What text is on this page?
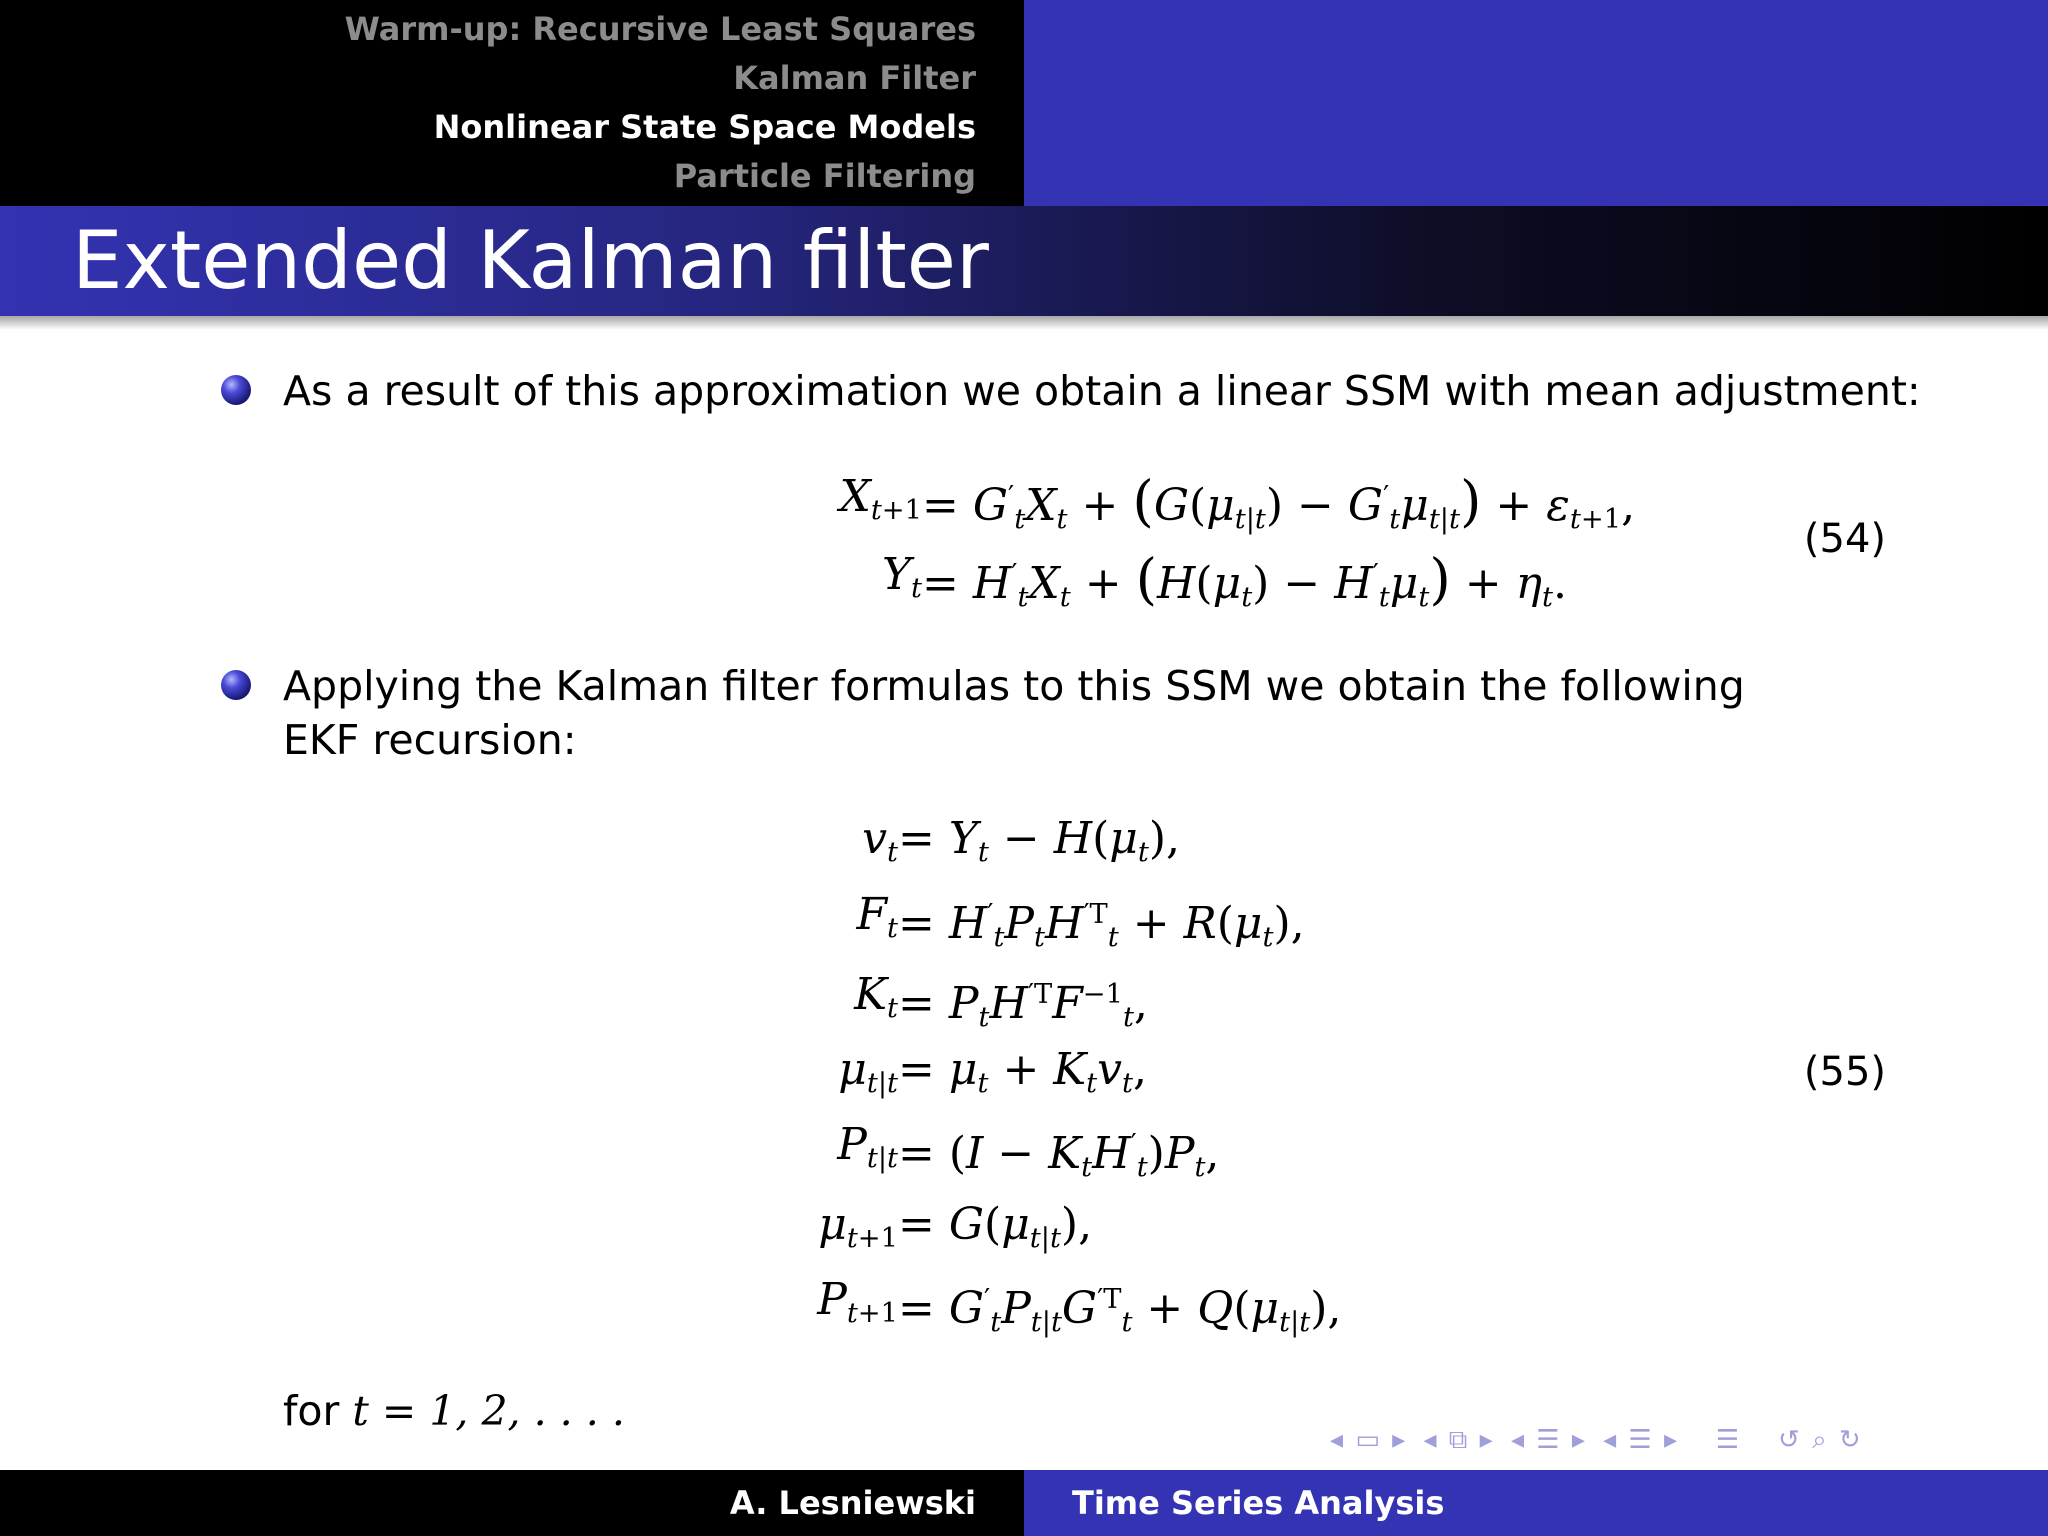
Warm-up: Recursive Least Squares
Kalman Filter
Nonlinear State Space Models
Particle Filtering
Extended Kalman filter
As a result of this approximation we obtain a linear SSM with mean adjustment:
Xt+1 = G′tXt + (G(μt|t) − G′tμt|t) + εt+1,
Yt = H′tXt + (H(μt) − H′tμt) + ηt.
(54)
Applying the Kalman filter formulas to this SSM we obtain the following EKF recursion:
vt = Yt − H(μt),
Ft = H′tPtH$^{'T}$t + R(μt),
$Kt = PtH^{'T}F^{-1}t$,
μt|t = μt + Ktvt,
Pt|t = (I − KtH′t)Pt,
μt+1 = G(μt|t),
$Pt+1 = G'tPt|tG^{'T}t + Q(\mu t|t)$,
(55)
for t = 1, 2, . . . .
◂ ▭ ▸ ◂ ⧉ ▸ ◂ ☰ ▸ ◂ ☰ ▸   ☰   ↺ ⌕ ↻
A. Lesniewski	Time Series Analysis
